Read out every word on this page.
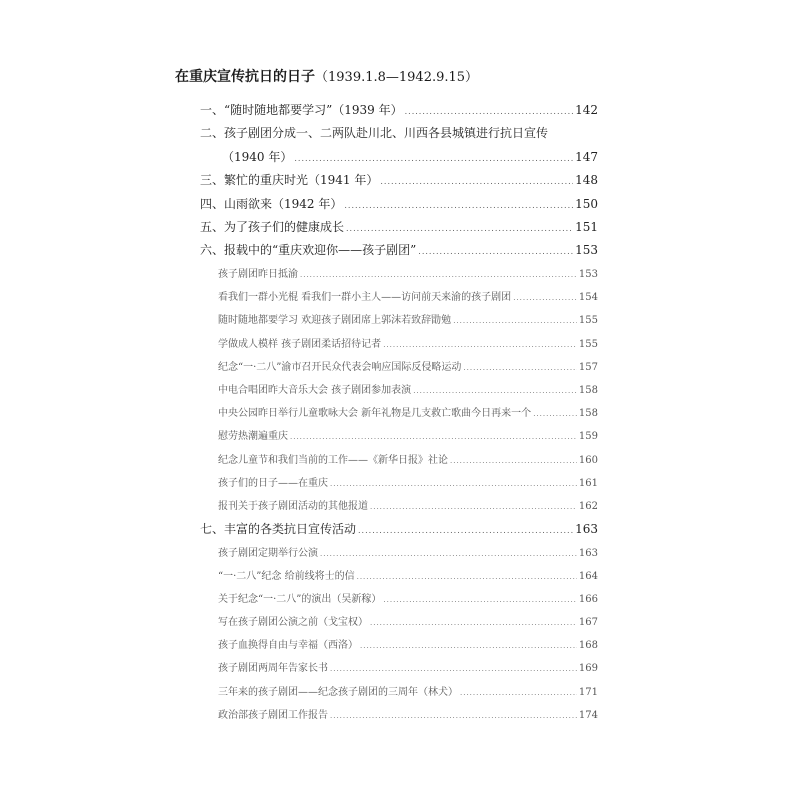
在重庆宣传抗日的日子（1939.1.8—1942.9.15）
一、“随时随地都要学习”（1939 年） .....	142
二、孩子剧团分成一、二两队赴川北、川西各县城镇进行抗日宣传
（1940 年） .....	147
三、繁忙的重庆时光（1941 年） .....	148
四、山雨欲来（1942 年） .....	150
五、为了孩子们的健康成长 .....	151
六、报载中的“重庆欢迎你——孩子剧团” .....	153
孩子剧团昨日抵渝 .....	153
看我们一群小光棍 看我们一群小主人——访问前天来渝的孩子剧团 .....	154
随时随地都要学习 欢迎孩子剧团席上郭沫若致辞勖勉 .....	155
学做成人模样 孩子剧团柔话招待记者 .....	155
纪念“一·二八”渝市召开民众代表会响应国际反侵略运动 .....	157
中电合唱团昨大音乐大会 孩子剧团参加表演 .....	158
中央公园昨日举行儿童歌咏大会 新年礼物是几支救亡歌曲今日再来一个 .....	158
慰劳热潮遍重庆 .....	159
纪念儿童节和我们当前的工作——《新华日报》社论 .....	160
孩子们的日子——在重庆 .....	161
报刊关于孩子剧团活动的其他报道 .....	162
七、丰富的各类抗日宣传活动 .....	163
孩子剧团定期举行公演 .....	163
“一·二八”纪念 给前线将士的信 .....	164
关于纪念“一·二八”的演出（吴新稼） .....	166
写在孩子剧团公演之前（戈宝权） .....	167
孩子血换得自由与幸福（西洛） .....	168
孩子剧团两周年告家长书 .....	169
三年来的孩子剧团——纪念孩子剧团的三周年（林犬） .....	171
政治部孩子剧团工作报告 .....	174
